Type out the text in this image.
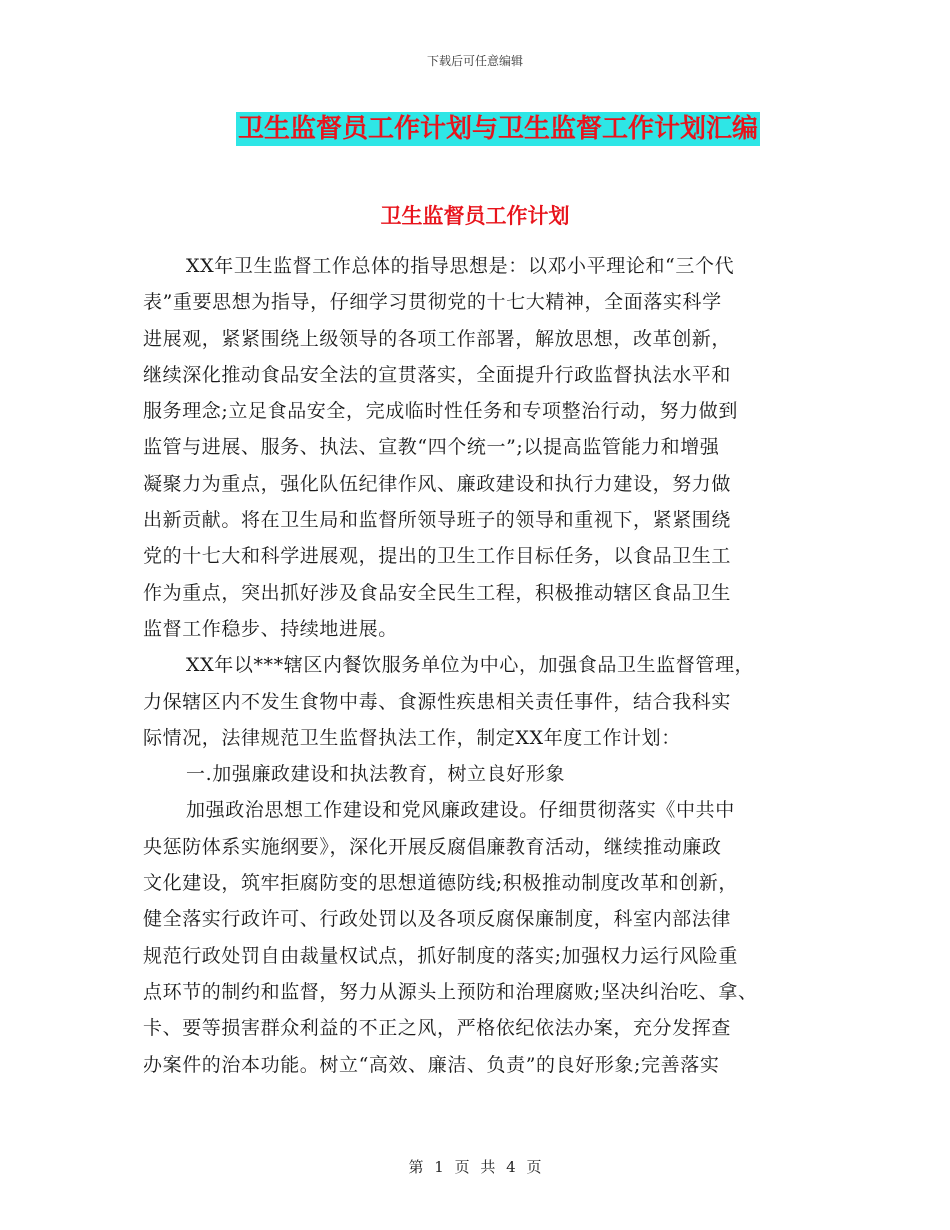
下载后可任意编辑
卫生监督员工作计划与卫生监督工作计划汇编
卫生监督员工作计划
XX年卫生监督工作总体的指导思想是：以邓小平理论和“三个代
表”重要思想为指导，仔细学习贯彻党的十七大精神，全面落实科学
进展观，紧紧围绕上级领导的各项工作部署，解放思想，改革创新，
继续深化推动食品安全法的宣贯落实，全面提升行政监督执法水平和
服务理念;立足食品安全，完成临时性任务和专项整治行动，努力做到
监管与进展、服务、执法、宣教“四个统一”;以提高监管能力和增强
凝聚力为重点，强化队伍纪律作风、廉政建设和执行力建设，努力做
出新贡献。将在卫生局和监督所领导班子的领导和重视下，紧紧围绕
党的十七大和科学进展观，提出的卫生工作目标任务，以食品卫生工
作为重点，突出抓好涉及食品安全民生工程，积极推动辖区食品卫生
监督工作稳步、持续地进展。
XX年以***辖区内餐饮服务单位为中心，加强食品卫生监督管理，
力保辖区内不发生食物中毒、食源性疾患相关责任事件，结合我科实
际情况，法律规范卫生监督执法工作，制定XX年度工作计划：
一.加强廉政建设和执法教育，树立良好形象
加强政治思想工作建设和党风廉政建设。仔细贯彻落实《中共中
央惩防体系实施纲要》，深化开展反腐倡廉教育活动，继续推动廉政
文化建设，筑牢拒腐防变的思想道德防线;积极推动制度改革和创新，
健全落实行政许可、行政处罚以及各项反腐保廉制度，科室内部法律
规范行政处罚自由裁量权试点，抓好制度的落实;加强权力运行风险重
点环节的制约和监督，努力从源头上预防和治理腐败;坚决纠治吃、拿、
卡、要等损害群众利益的不正之风，严格依纪依法办案，充分发挥查
办案件的治本功能。树立“高效、廉洁、负责”的良好形象;完善落实
第 1 页 共 4 页
